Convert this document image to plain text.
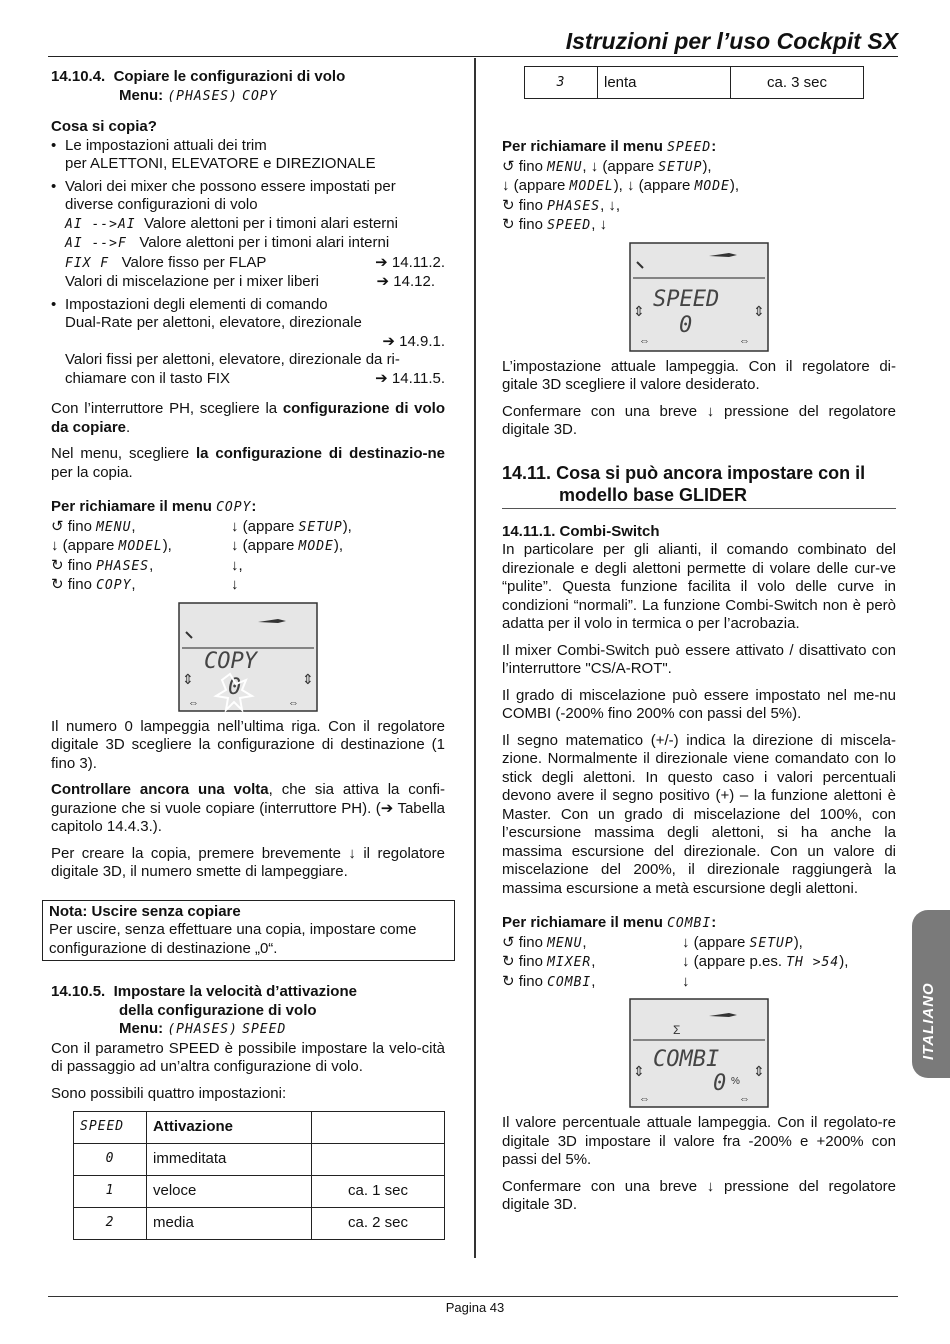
Istruzioni per l’uso Cockpit SX
14.10.4. Copiare le configurazioni di volo
Menu: (PHASES) COPY
Cosa si copia?
• Le impostazioni attuali dei trim
per ALETTONI, ELEVATORE e DIREZIONALE
• Valori dei mixer che possono essere impostati per
diverse configurazioni di volo
AI -->AI Valore alettoni per i timoni alari esterni
AI -->F Valore alettoni per i timoni alari interni
FIX F Valore fisso per FLAP	➔ 14.11.2.
Valori di miscelazione per i mixer liberi	➔ 14.12.
• Impostazioni degli elementi di comando
Dual-Rate per alettoni, elevatore, direzionale
➔ 14.9.1.
Valori fissi per alettoni, elevatore, direzionale da ri-
chiamare con il tasto FIX	➔ 14.11.5.

Con l’interruttore PH, scegliere la configurazione di volo da copiare.

Nel menu, scegliere la configurazione di destinazio-ne per la copia.

Per richiamare il menu COPY:
↺ fino MENU,	↓ (appare SETUP),
↓ (appare MODEL),	↓ (appare MODE),
↻ fino PHASES,	↓,
↻ fino COPY,	↓
COPY
0
⇕	⇕
⇔	⇔

Il numero 0 lampeggia nell’ultima riga. Con il regolatore digitale 3D scegliere la configurazione di destinazione (1 fino 3).

Controllare ancora una volta, che sia attiva la confi-gurazione che si vuole copiare (interruttore PH). (➔ Tabella capitolo 14.4.3.).

Per creare la copia, premere brevemente ↓ il regolatore digitale 3D, il numero smette di lampeggiare.

Nota: Uscire senza copiare
Per uscire, senza effettuare una copia, impostare come configurazione di destinazione „0“.
14.10.5. Impostare la velocità d’attivazione
della configurazione di volo
Menu: (PHASES) SPEED

Con il parametro SPEED è possibile impostare la velo-cità di passaggio ad un’altra configurazione di volo.

Sono possibili quattro impostazioni:

SPEED	Attivazione	
0	immeditata	
1	veloce	ca. 1 sec
2	media	ca. 2 sec
3	lenta	ca. 3 sec
Per richiamare il menu SPEED:
↺ fino MENU, ↓ (appare SETUP),
↓ (appare MODEL), ↓ (appare MODE),
↻ fino PHASES, ↓,
↻ fino SPEED, ↓
SPEED
0
⇕	⇕
⇔	⇔

L’impostazione attuale lampeggia. Con il regolatore di-gitale 3D scegliere il valore desiderato.

Confermare con una breve ↓ pressione del regolatore digitale 3D.

14.11. Cosa si può ancora impostare con il
modello base GLIDER
14.11.1. Combi-Switch

In particolare per gli alianti, il comando combinato del direzionale e degli alettoni permette di volare delle cur-ve “pulite”. Questa funzione facilita il volo delle curve in condizioni “normali”. La funzione Combi-Switch non è però adatta per il volo in termica o per l’acrobazia.

Il mixer Combi-Switch può essere attivato / disattivato con l’interruttore "CS/A-ROT".

Il grado di miscelazione può essere impostato nel me-nu COMBI (-200% fino 200% con passi del 5%).

Il segno matematico (+/-) indica la direzione di miscela-zione. Normalmente il direzionale viene comandato con lo stick degli alettoni. In questo caso i valori percentuali devono avere il segno positivo (+) – la funzione alettoni è Master. Con un grado di miscelazione del 100%, con l’escursione massima degli alettoni, si ha anche la massima escursione del direzionale. Con un valore di miscelazione del 200%, il direzionale raggiungerà la massima escursione a metà escursione degli alettoni.

Per richiamare il menu COMBI:
↺ fino MENU,	↓ (appare SETUP),
↻ fino MIXER,	↓ (appare p.es. TH >54),
↻ fino COMBI,	↓
Σ
COMBI
0 %
⇕	⇕
⇔	⇔

Il valore percentuale attuale lampeggia. Con il regolato-re digitale 3D impostare il valore fra -200% e +200% con passi del 5%.

Confermare con una breve ↓ pressione del regolatore digitale 3D.

ITALIANO
Pagina 43
